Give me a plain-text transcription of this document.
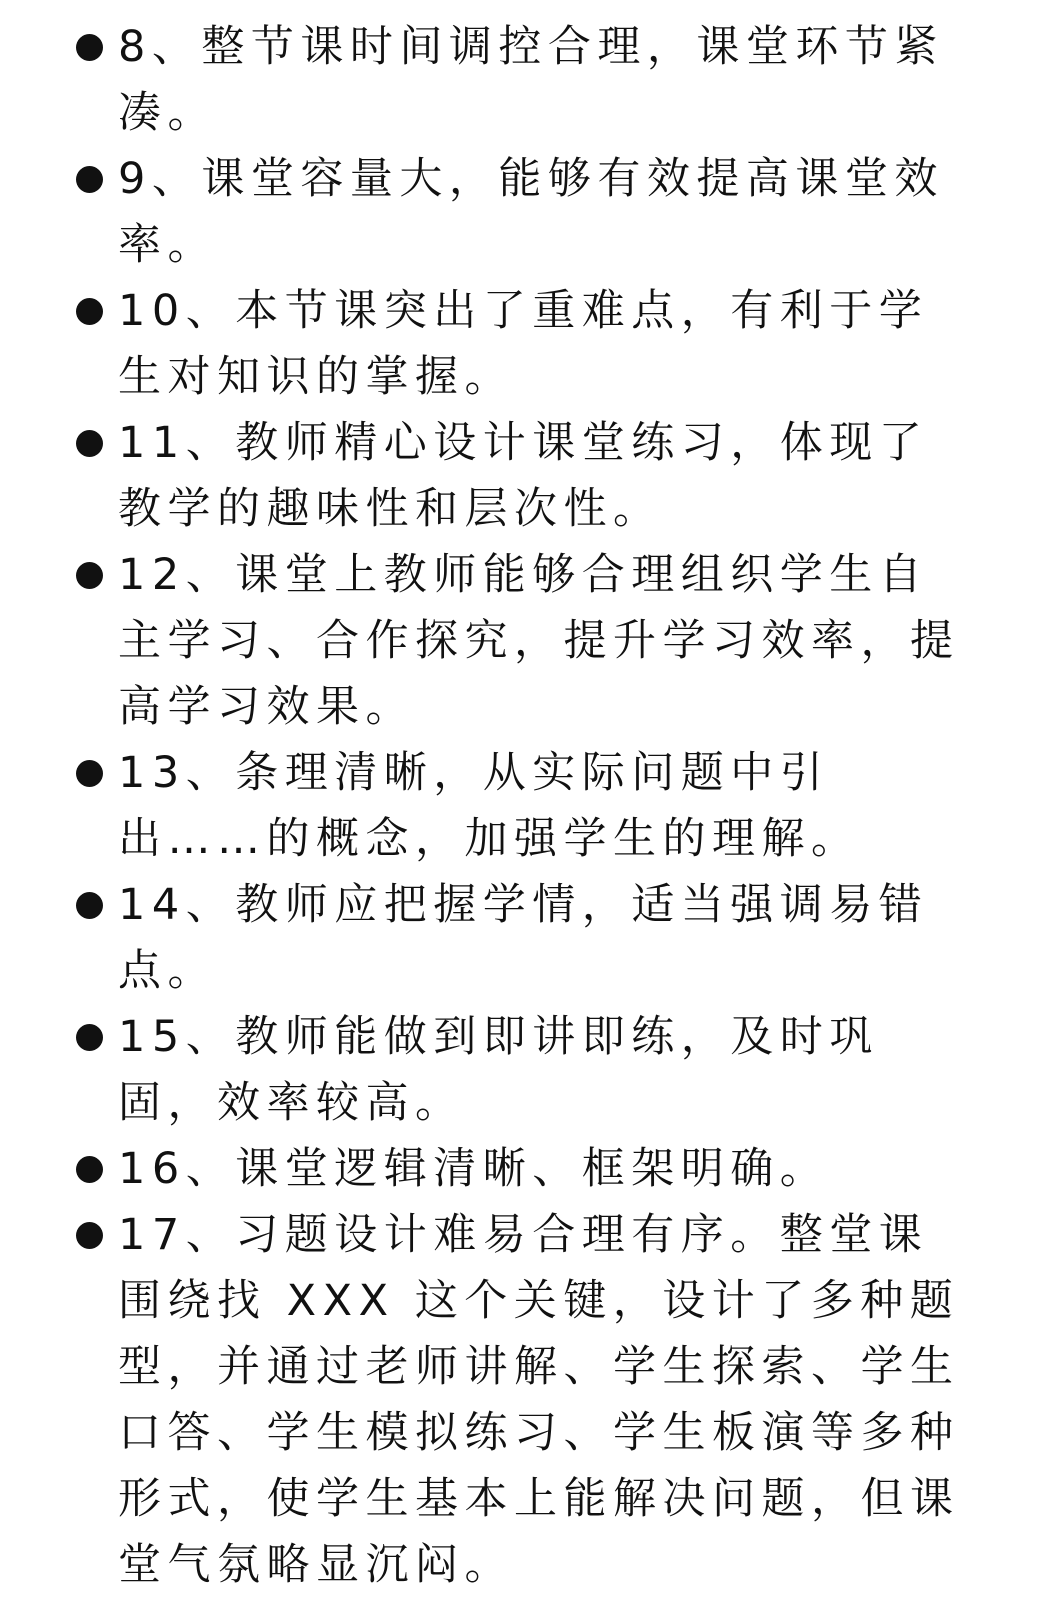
8、整节课时间调控合理，课堂环节紧凑。
9、课堂容量大，能够有效提高课堂效率。
10、本节课突出了重难点，有利于学生对知识的掌握。
11、教师精心设计课堂练习，体现了教学的趣味性和层次性。
12、课堂上教师能够合理组织学生自主学习、合作探究，提升学习效率，提高学习效果。
13、条理清晰，从实际问题中引出……的概念，加强学生的理解。
14、教师应把握学情，适当强调易错点。
15、教师能做到即讲即练，及时巩固，效率较高。
16、课堂逻辑清晰、框架明确。
17、习题设计难易合理有序。整堂课围绕找 XXX 这个关键，设计了多种题型，并通过老师讲解、学生探索、学生口答、学生模拟练习、学生板演等多种形式，使学生基本上能解决问题，但课堂气氛略显沉闷。
